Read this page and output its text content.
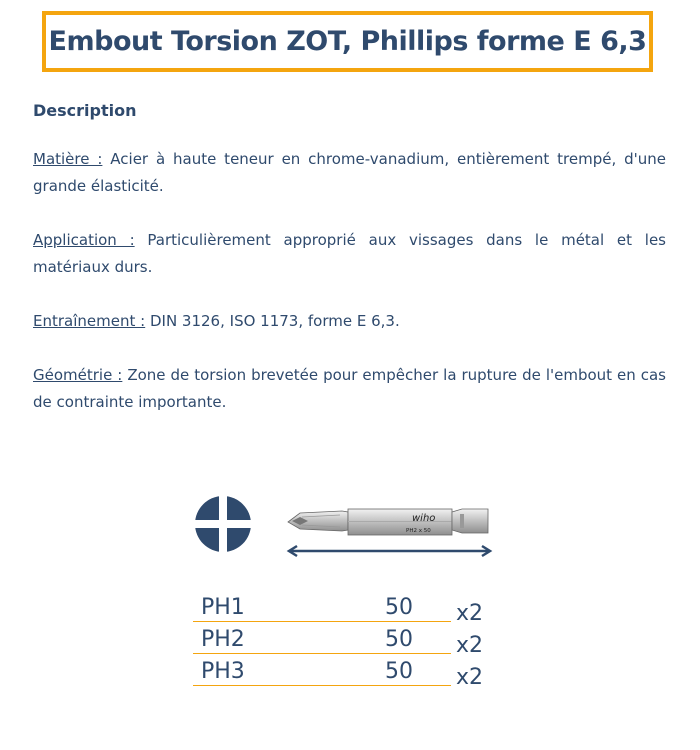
Embout Torsion ZOT, Phillips forme E 6,3
Description

Matière : Acier à haute teneur en chrome-vanadium, entièrement trempé, d'une grande élasticité.

Application : Particulièrement approprié aux vissages dans le métal et les matériaux durs.

Entraînement : DIN 3126, ISO 1173, forme E 6,3.

Géométrie : Zone de torsion brevetée pour empêcher la rupture de l'embout en cas de contrainte importante.

wiho
PH2 x 50
PH1	50 x2
PH2	50 x2
PH3	50 x2
